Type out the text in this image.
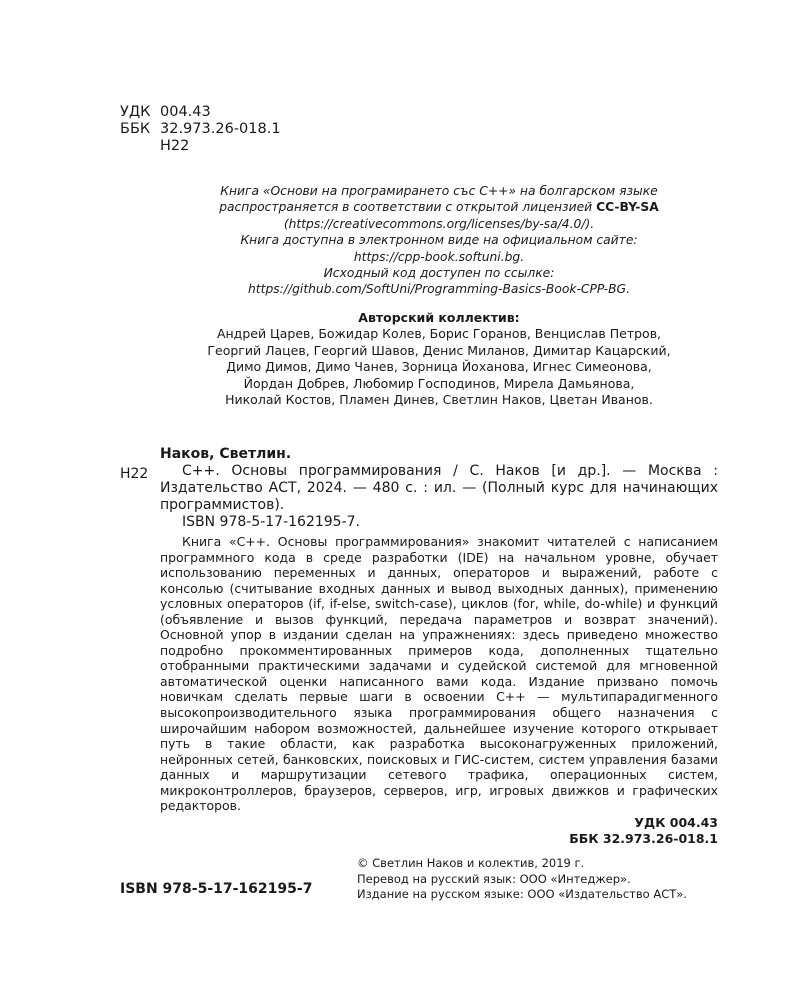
УДК 004.43
ББК 32.973.26-018.1
Н22
Книга «Основи на програмирането със С++» на болгарском языке
распространяется в соответствии с открытой лицензией CC-BY-SA
(https://creativecommons.org/licenses/by-sa/4.0/).
Книга доступна в электронном виде на официальном сайте:
https://cpp-book.softuni.bg.
Исходный код доступен по ссылке:
https://github.com/SoftUni/Programming-Basics-Book-CPP-BG.
Авторский коллектив:
Андрей Царев, Божидар Колев, Борис Горанов, Венцислав Петров,
Георгий Лацев, Георгий Шавов, Денис Миланов, Димитар Кацарский,
Димо Димов, Димо Чанев, Зорница Йоханова, Игнес Симеонова,
Йордан Добрев, Любомир Господинов, Мирела Дамьянова,
Николай Костов, Пламен Динев, Светлин Наков, Цветан Иванов.
Н22
Наков, Светлин.
С++. Основы программирования / С. Наков [и др.]. — Москва : Издательство АСТ, 2024. — 480 с. : ил. — (Полный курс для начинающих программистов).
ISBN 978-5-17-162195-7.
Книга «С++. Основы программирования» знакомит читателей с написанием программного кода в среде разработки (IDE) на начальном уровне, обучает использованию переменных и данных, операторов и выражений, работе с консолью (считывание входных данных и вывод выходных данных), применению условных операторов (if, if-else, switch-case), циклов (for, while, do-while) и функций (объявление и вызов функций, передача параметров и возврат значений). Основной упор в издании сделан на упражнениях: здесь приведено множество подробно прокомментированных примеров кода, дополненных тщательно отобранными практическими задачами и судейской системой для мгновенной автоматической оценки написанного вами кода. Издание призвано помочь новичкам сделать первые шаги в освоении С++ — мультипарадигменного высокопроизводительного языка программирования общего назначения с широчайшим набором возможностей, дальнейшее изучение которого открывает путь в такие области, как разработка высоконагруженных приложений, нейронных сетей, банковских, поисковых и ГИС-систем, систем управления базами данных и маршрутизации сетевого трафика, операционных систем, микроконтроллеров, браузеров, серверов, игр, игровых движков и графических редакторов.
УДК 004.43
ББК 32.973.26-018.1
ISBN 978-5-17-162195-7
© Светлин Наков и колектив, 2019 г.
Перевод на русский язык: ООО «Интеджер».
Издание на русском языке: ООО «Издательство АСТ».
